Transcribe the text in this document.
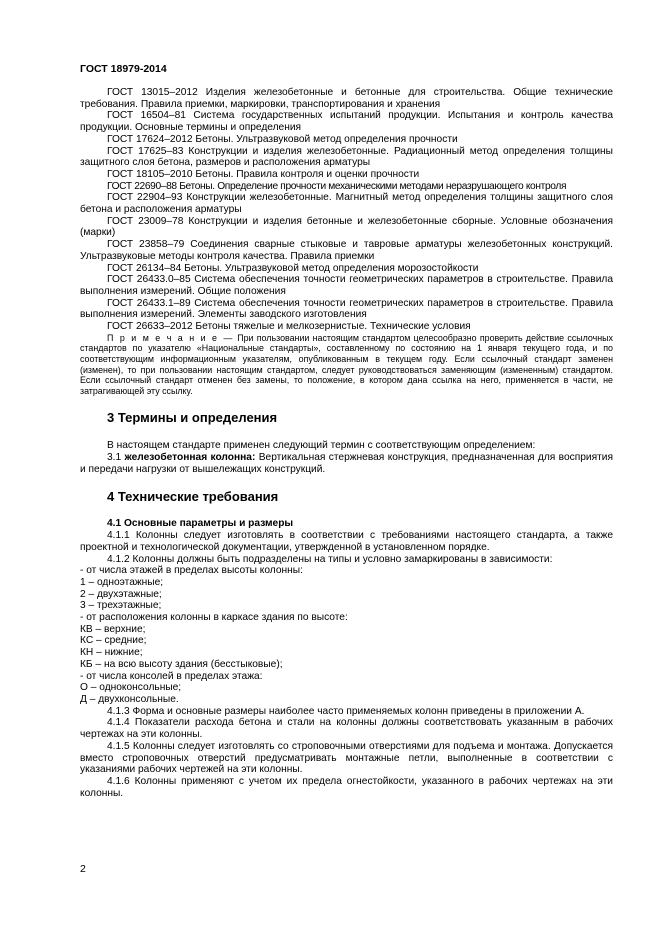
ГОСТ 18979-2014

ГОСТ 13015–2012 Изделия железобетонные и бетонные для строительства. Общие технические требования. Правила приемки, маркировки, транспортирования и хранения

ГОСТ 16504–81 Система государственных испытаний продукции. Испытания и контроль качества продукции. Основные термины и определения

ГОСТ 17624–2012 Бетоны. Ультразвуковой метод определения прочности

ГОСТ 17625–83 Конструкции и изделия железобетонные. Радиационный метод определения толщины защитного слоя бетона, размеров и расположения арматуры

ГОСТ 18105–2010 Бетоны. Правила контроля и оценки прочности

ГОСТ 22690–88 Бетоны. Определение прочности механическими методами неразрушающего контроля

ГОСТ 22904–93 Конструкции железобетонные. Магнитный метод определения толщины защитного слоя бетона и расположения арматуры

ГОСТ 23009–78 Конструкции и изделия бетонные и железобетонные сборные. Условные обозначения (марки)

ГОСТ 23858–79 Соединения сварные стыковые и тавровые арматуры железобетонных конструкций. Ультразвуковые методы контроля качества. Правила приемки

ГОСТ 26134–84 Бетоны. Ультразвуковой метод определения морозостойкости

ГОСТ 26433.0–85 Система обеспечения точности геометрических параметров в строительстве. Правила выполнения измерений. Общие положения

ГОСТ 26433.1–89 Система обеспечения точности геометрических параметров в строительстве. Правила выполнения измерений. Элементы заводского изготовления

ГОСТ 26633–2012 Бетоны тяжелые и мелкозернистые. Технические условия

П р и м е ч а н и е — При пользовании настоящим стандартом целесообразно проверить действие ссылочных стандартов по указателю «Национальные стандарты», составленному по состоянию на 1 января текущего года, и по соответствующим информационным указателям, опубликованным в текущем году. Если ссылочный стандарт заменен (изменен), то при пользовании настоящим стандартом, следует руководствоваться заменяющим (измененным) стандартом. Если ссылочный стандарт отменен без замены, то положение, в котором дана ссылка на него, применяется в части, не затрагивающей эту ссылку.

3 Термины и определения

В настоящем стандарте применен следующий термин с соответствующим определением:

3.1 железобетонная колонна: Вертикальная стержневая конструкция, предназначенная для восприятия и передачи нагрузки от вышележащих конструкций.

4 Технические требования

4.1 Основные параметры и размеры

4.1.1 Колонны следует изготовлять в соответствии с требованиями настоящего стандарта, а также проектной и технологической документации, утвержденной в установленном порядке.

4.1.2 Колонны должны быть подразделены на типы и условно замаркированы в зависимости:

- от числа этажей в пределах высоты колонны:

1 – одноэтажные;

2 – двухэтажные;

3 – трехэтажные;

- от расположения колонны в каркасе здания по высоте:

КВ – верхние;

КС – средние;

КН – нижние;

КБ – на всю высоту здания (бесстыковые);

- от числа консолей в пределах этажа:

О – одноконсольные;

Д – двухконсольные.

4.1.3 Форма и основные размеры наиболее часто применяемых колонн приведены в приложении А.

4.1.4 Показатели расхода бетона и стали на колонны должны соответствовать указанным в рабочих чертежах на эти колонны.

4.1.5 Колонны следует изготовлять со строповочными отверстиями для подъема и монтажа. Допускается вместо строповочных отверстий предусматривать монтажные петли, выполненные в соответствии с указаниями рабочих чертежей на эти колонны.

4.1.6 Колонны применяют с учетом их предела огнестойкости, указанного в рабочих чертежах на эти колонны.

2
